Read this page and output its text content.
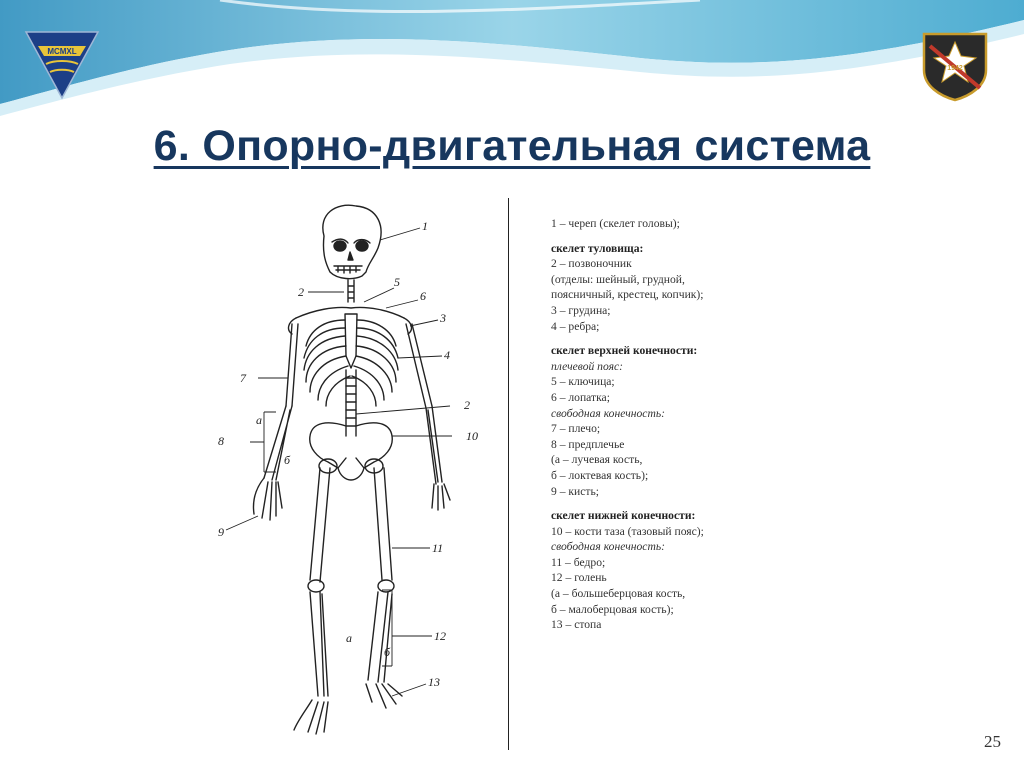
MCMXL
1942
6. Опорно-двигательная система
1
2
5
6
3
4
7
2
10
8
а
б
9
11
12
а
б
13
1 – череп (скелет головы);
скелет туловища:
2 – позвоночник
(отделы: шейный, грудной,
поясничный, крестец, копчик);
3 – грудина;
4 – ребра;
скелет верхней конечности:
плечевой пояс:
5 – ключица;
6 – лопатка;
свободная конечность:
7 – плечо;
8 – предплечье
(а – лучевая кость,
б – локтевая кость);
9 – кисть;
скелет нижней конечности:
10 – кости таза (тазовый пояс);
свободная конечность:
11 – бедро;
12 – голень
(а – большеберцовая кость,
б – малоберцовая кость);
13 – стопа
25
